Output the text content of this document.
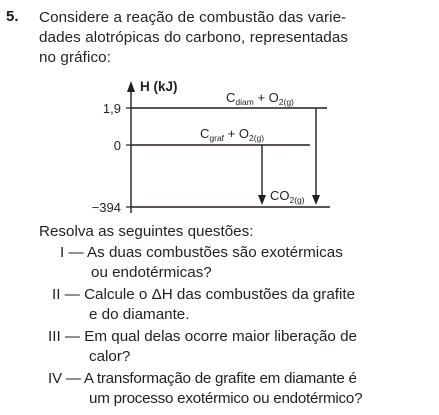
5. Considere a reação de combustão das varie-
dades alotrópicas do carbono, representadas
no gráfico:
H (kJ)
1,9
0
−394
$C_{diam} + O_{2(g)}$
$C_{graf} + O_{2(g)}$
$CO_{2(g)}$
Resolva as seguintes questões:
I — As duas combustões são exotérmicas
ou endotérmicas?
II — Calcule o ΔH das combustões da grafite
e do diamante.
III — Em qual delas ocorre maior liberação de
calor?
IV — A transformação de grafite em diamante é
um processo exotérmico ou endotérmico?
